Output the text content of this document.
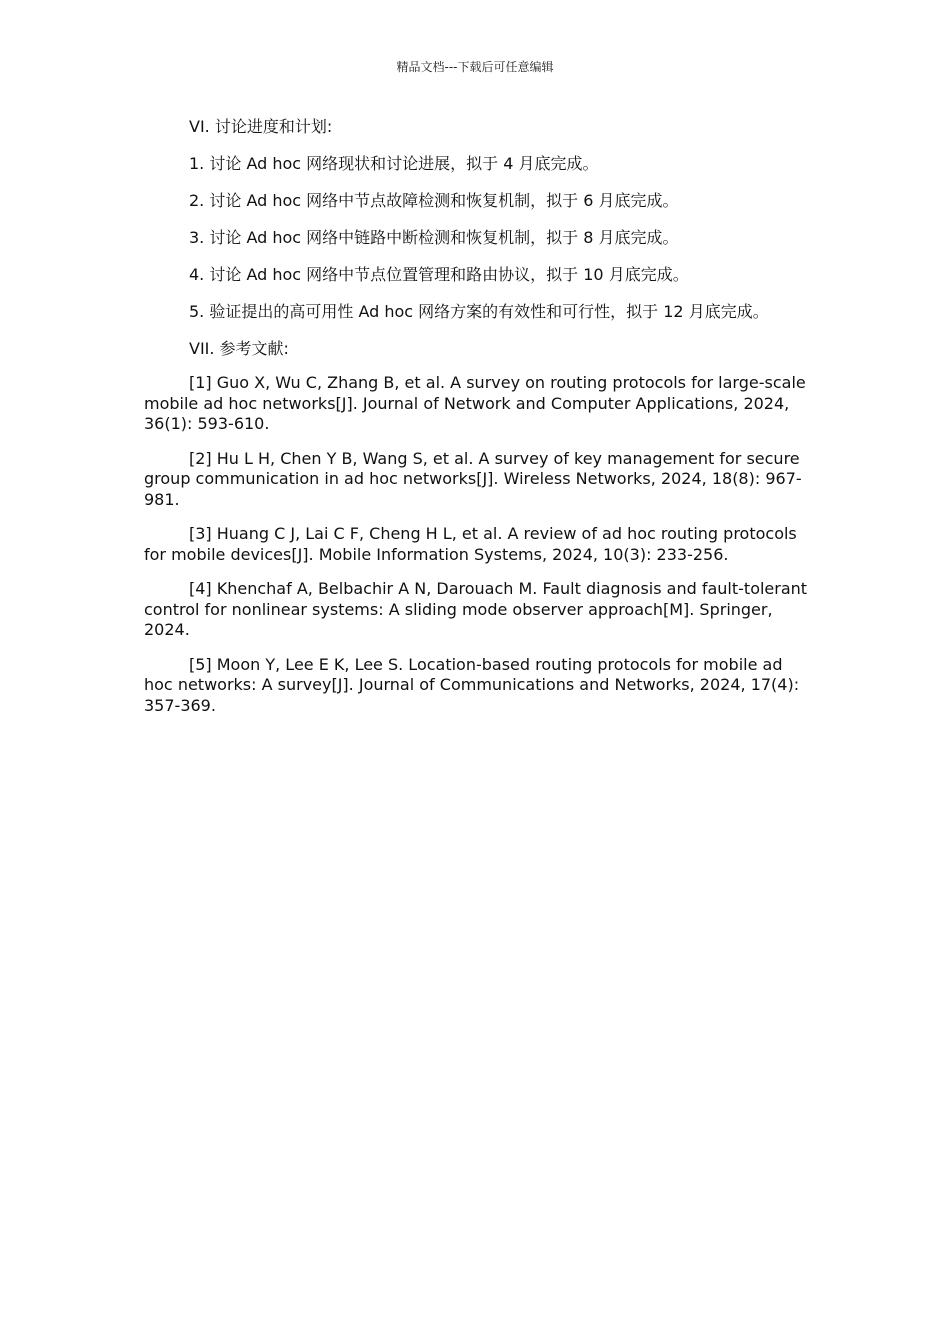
精品文档---下载后可任意编辑

VI. 讨论进度和计划:

1. 讨论 Ad hoc 网络现状和讨论进展，拟于 4 月底完成。

2. 讨论 Ad hoc 网络中节点故障检测和恢复机制，拟于 6 月底完成。

3. 讨论 Ad hoc 网络中链路中断检测和恢复机制，拟于 8 月底完成。

4. 讨论 Ad hoc 网络中节点位置管理和路由协议，拟于 10 月底完成。

5. 验证提出的高可用性 Ad hoc 网络方案的有效性和可行性，拟于 12 月底完成。

VII. 参考文献:

[1] Guo X, Wu C, Zhang B, et al. A survey on routing protocols for large-scale mobile ad hoc networks[J]. Journal of Network and Computer Applications, 2024, 36(1): 593-610.

[2] Hu L H, Chen Y B, Wang S, et al. A survey of key management for secure group communication in ad hoc networks[J]. Wireless Networks, 2024, 18(8): 967-981.

[3] Huang C J, Lai C F, Cheng H L, et al. A review of ad hoc routing protocols for mobile devices[J]. Mobile Information Systems, 2024, 10(3): 233-256.

[4] Khenchaf A, Belbachir A N, Darouach M. Fault diagnosis and fault-tolerant control for nonlinear systems: A sliding mode observer approach[M]. Springer, 2024.

[5] Moon Y, Lee E K, Lee S. Location-based routing protocols for mobile ad hoc networks: A survey[J]. Journal of Communications and Networks, 2024, 17(4): 357-369.
